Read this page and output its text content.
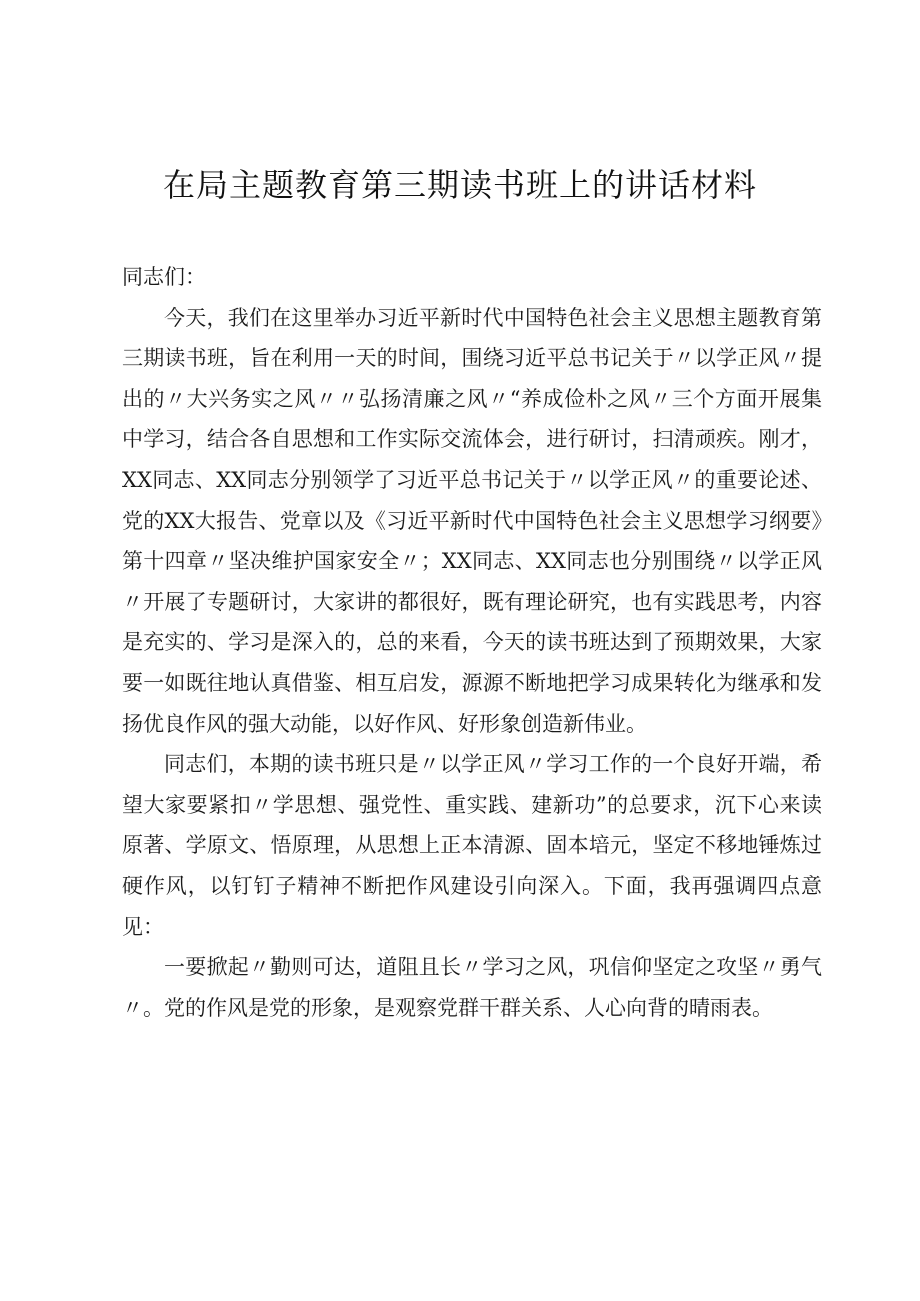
在局主题教育第三期读书班上的讲话材料

同志们：

今天，我们在这里举办习近平新时代中国特色社会主义思想主题教育第三期读书班，旨在利用一天的时间，围绕习近平总书记关于〃以学正风〃提出的〃大兴务实之风〃〃弘扬清廉之风〃“养成俭朴之风〃三个方面开展集中学习，结合各自思想和工作实际交流体会，进行研讨，扫清顽疾。刚才，XX同志、XX同志分别领学了习近平总书记关于〃以学正风〃的重要论述、党的XX大报告、党章以及《习近平新时代中国特色社会主义思想学习纲要》第十四章〃坚决维护国家安全〃；XX同志、XX同志也分别围绕〃以学正风〃开展了专题研讨，大家讲的都很好，既有理论研究，也有实践思考，内容是充实的、学习是深入的，总的来看，今天的读书班达到了预期效果，大家要一如既往地认真借鉴、相互启发，源源不断地把学习成果转化为继承和发扬优良作风的强大动能，以好作风、好形象创造新伟业。

同志们，本期的读书班只是〃以学正风〃学习工作的一个良好开端，希望大家要紧扣〃学思想、强党性、重实践、建新功”的总要求，沉下心来读原著、学原文、悟原理，从思想上正本清源、固本培元，坚定不移地锤炼过硬作风，以钉钉子精神不断把作风建设引向深入。下面，我再强调四点意见：

一要掀起〃勤则可达，道阻且长〃学习之风，巩信仰坚定之攻坚〃勇气〃。党的作风是党的形象，是观察党群干群关系、人心向背的晴雨表。
